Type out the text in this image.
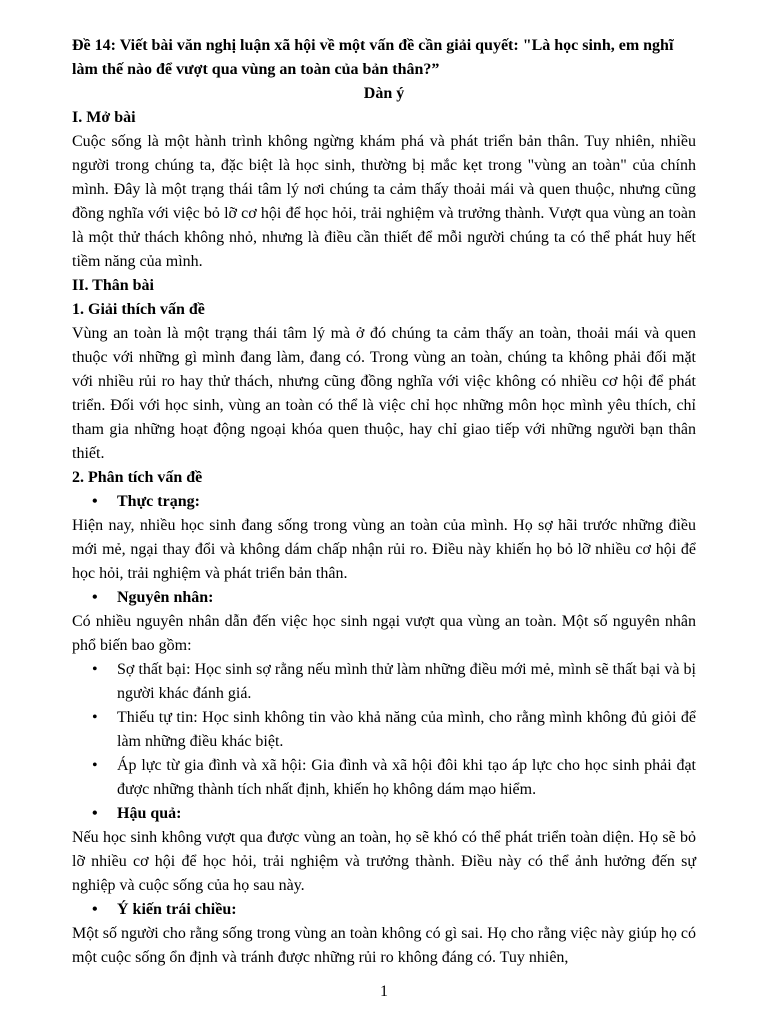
Đề 14: Viết bài văn nghị luận xã hội về một vấn đề cần giải quyết: "Là học sinh, em nghĩ làm thế nào để vượt qua vùng an toàn của bản thân?”

Dàn ý

I. Mở bài

Cuộc sống là một hành trình không ngừng khám phá và phát triển bản thân. Tuy nhiên, nhiều người trong chúng ta, đặc biệt là học sinh, thường bị mắc kẹt trong "vùng an toàn" của chính mình. Đây là một trạng thái tâm lý nơi chúng ta cảm thấy thoải mái và quen thuộc, nhưng cũng đồng nghĩa với việc bỏ lỡ cơ hội để học hỏi, trải nghiệm và trưởng thành. Vượt qua vùng an toàn là một thử thách không nhỏ, nhưng là điều cần thiết để mỗi người chúng ta có thể phát huy hết tiềm năng của mình.

II. Thân bài

1. Giải thích vấn đề

Vùng an toàn là một trạng thái tâm lý mà ở đó chúng ta cảm thấy an toàn, thoải mái và quen thuộc với những gì mình đang làm, đang có. Trong vùng an toàn, chúng ta không phải đối mặt với nhiều rủi ro hay thử thách, nhưng cũng đồng nghĩa với việc không có nhiều cơ hội để phát triển. Đối với học sinh, vùng an toàn có thể là việc chỉ học những môn học mình yêu thích, chỉ tham gia những hoạt động ngoại khóa quen thuộc, hay chỉ giao tiếp với những người bạn thân thiết.

2. Phân tích vấn đề

• Thực trạng:

Hiện nay, nhiều học sinh đang sống trong vùng an toàn của mình. Họ sợ hãi trước những điều mới mẻ, ngại thay đổi và không dám chấp nhận rủi ro. Điều này khiến họ bỏ lỡ nhiều cơ hội để học hỏi, trải nghiệm và phát triển bản thân.

• Nguyên nhân:

Có nhiều nguyên nhân dẫn đến việc học sinh ngại vượt qua vùng an toàn. Một số nguyên nhân phổ biến bao gồm:

• Sợ thất bại: Học sinh sợ rằng nếu mình thử làm những điều mới mẻ, mình sẽ thất bại và bị người khác đánh giá.
• Thiếu tự tin: Học sinh không tin vào khả năng của mình, cho rằng mình không đủ giỏi để làm những điều khác biệt.
• Áp lực từ gia đình và xã hội: Gia đình và xã hội đôi khi tạo áp lực cho học sinh phải đạt được những thành tích nhất định, khiến họ không dám mạo hiểm.
• Hậu quả:

Nếu học sinh không vượt qua được vùng an toàn, họ sẽ khó có thể phát triển toàn diện. Họ sẽ bỏ lỡ nhiều cơ hội để học hỏi, trải nghiệm và trưởng thành. Điều này có thể ảnh hưởng đến sự nghiệp và cuộc sống của họ sau này.

• Ý kiến trái chiều:

Một số người cho rằng sống trong vùng an toàn không có gì sai. Họ cho rằng việc này giúp họ có một cuộc sống ổn định và tránh được những rủi ro không đáng có. Tuy nhiên,

1
